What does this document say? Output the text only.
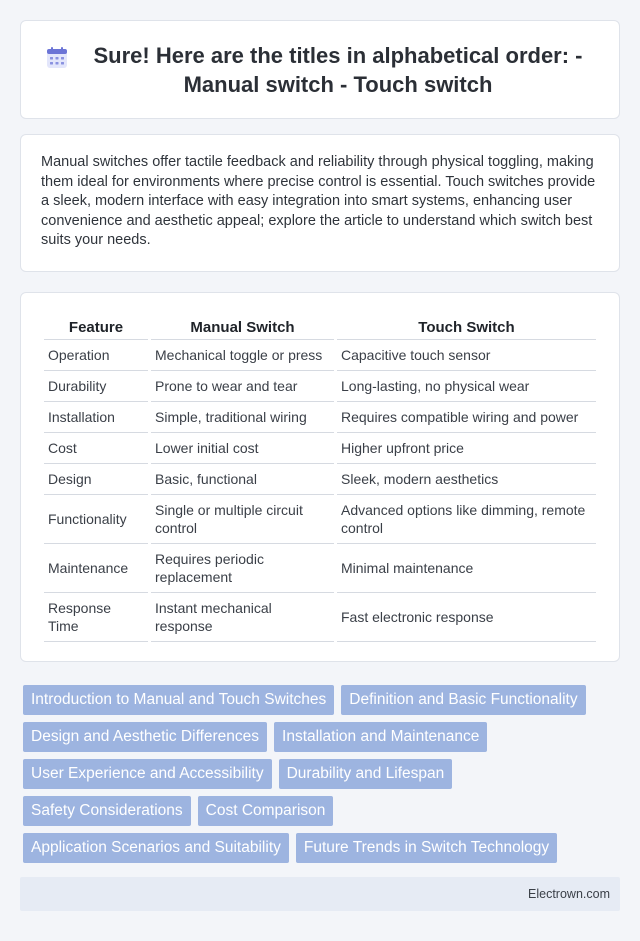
Sure! Here are the titles in alphabetical order: - Manual switch - Touch switch

Manual switches offer tactile feedback and reliability through physical toggling, making them ideal for environments where precise control is essential. Touch switches provide a sleek, modern interface with easy integration into smart systems, enhancing user convenience and aesthetic appeal; explore the article to understand which switch best suits your needs.

Feature	Manual Switch	Touch Switch
Operation	Mechanical toggle or press	Capacitive touch sensor
Durability	Prone to wear and tear	Long-lasting, no physical wear
Installation	Simple, traditional wiring	Requires compatible wiring and power
Cost	Lower initial cost	Higher upfront price
Design	Basic, functional	Sleek, modern aesthetics
Functionality	Single or multiple circuit control	Advanced options like dimming, remote control
Maintenance	Requires periodic replacement	Minimal maintenance
Response Time	Instant mechanical response	Fast electronic response
Introduction to Manual and Touch Switches	Definition and Basic Functionality
Design and Aesthetic Differences	Installation and Maintenance
User Experience and Accessibility	Durability and Lifespan
Safety Considerations	Cost Comparison
Application Scenarios and Suitability	Future Trends in Switch Technology
Electrown.com
